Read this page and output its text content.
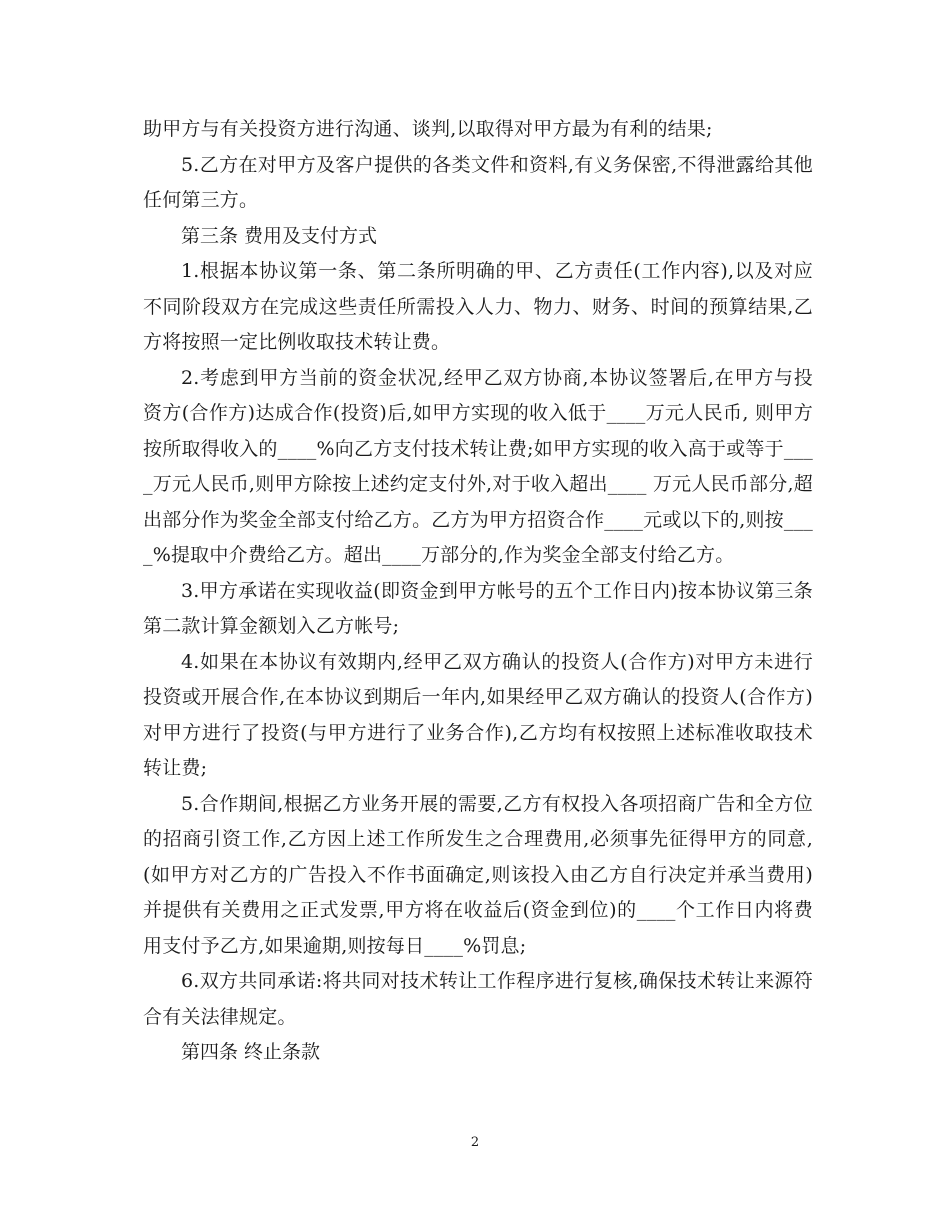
助甲方与有关投资方进行沟通、谈判,以取得对甲方最为有利的结果;

5.乙方在对甲方及客户提供的各类文件和资料,有义务保密,不得泄露给其他任何第三方。

第三条 费用及支付方式

1.根据本协议第一条、第二条所明确的甲、乙方责任(工作内容),以及对应不同阶段双方在完成这些责任所需投入人力、物力、财务、时间的预算结果,乙方将按照一定比例收取技术转让费。

2.考虑到甲方当前的资金状况,经甲乙双方协商,本协议签署后,在甲方与投资方(合作方)达成合作(投资)后,如甲方实现的收入低于____万元人民币, 则甲方按所取得收入的____%向乙方支付技术转让费;如甲方实现的收入高于或等于____万元人民币,则甲方除按上述约定支付外,对于收入超出____ 万元人民币部分,超出部分作为奖金全部支付给乙方。乙方为甲方招资合作____元或以下的,则按____%提取中介费给乙方。超出____万部分的,作为奖金全部支付给乙方。

3.甲方承诺在实现收益(即资金到甲方帐号的五个工作日内)按本协议第三条第二款计算金额划入乙方帐号;

4.如果在本协议有效期内,经甲乙双方确认的投资人(合作方)对甲方未进行投资或开展合作,在本协议到期后一年内,如果经甲乙双方确认的投资人(合作方)对甲方进行了投资(与甲方进行了业务合作),乙方均有权按照上述标准收取技术转让费;

5.合作期间,根据乙方业务开展的需要,乙方有权投入各项招商广告和全方位的招商引资工作,乙方因上述工作所发生之合理费用,必须事先征得甲方的同意,(如甲方对乙方的广告投入不作书面确定,则该投入由乙方自行决定并承当费用)并提供有关费用之正式发票,甲方将在收益后(资金到位)的____个工作日内将费用支付予乙方,如果逾期,则按每日____%罚息;

6.双方共同承诺:将共同对技术转让工作程序进行复核,确保技术转让来源符合有关法律规定。

第四条 终止条款

2
